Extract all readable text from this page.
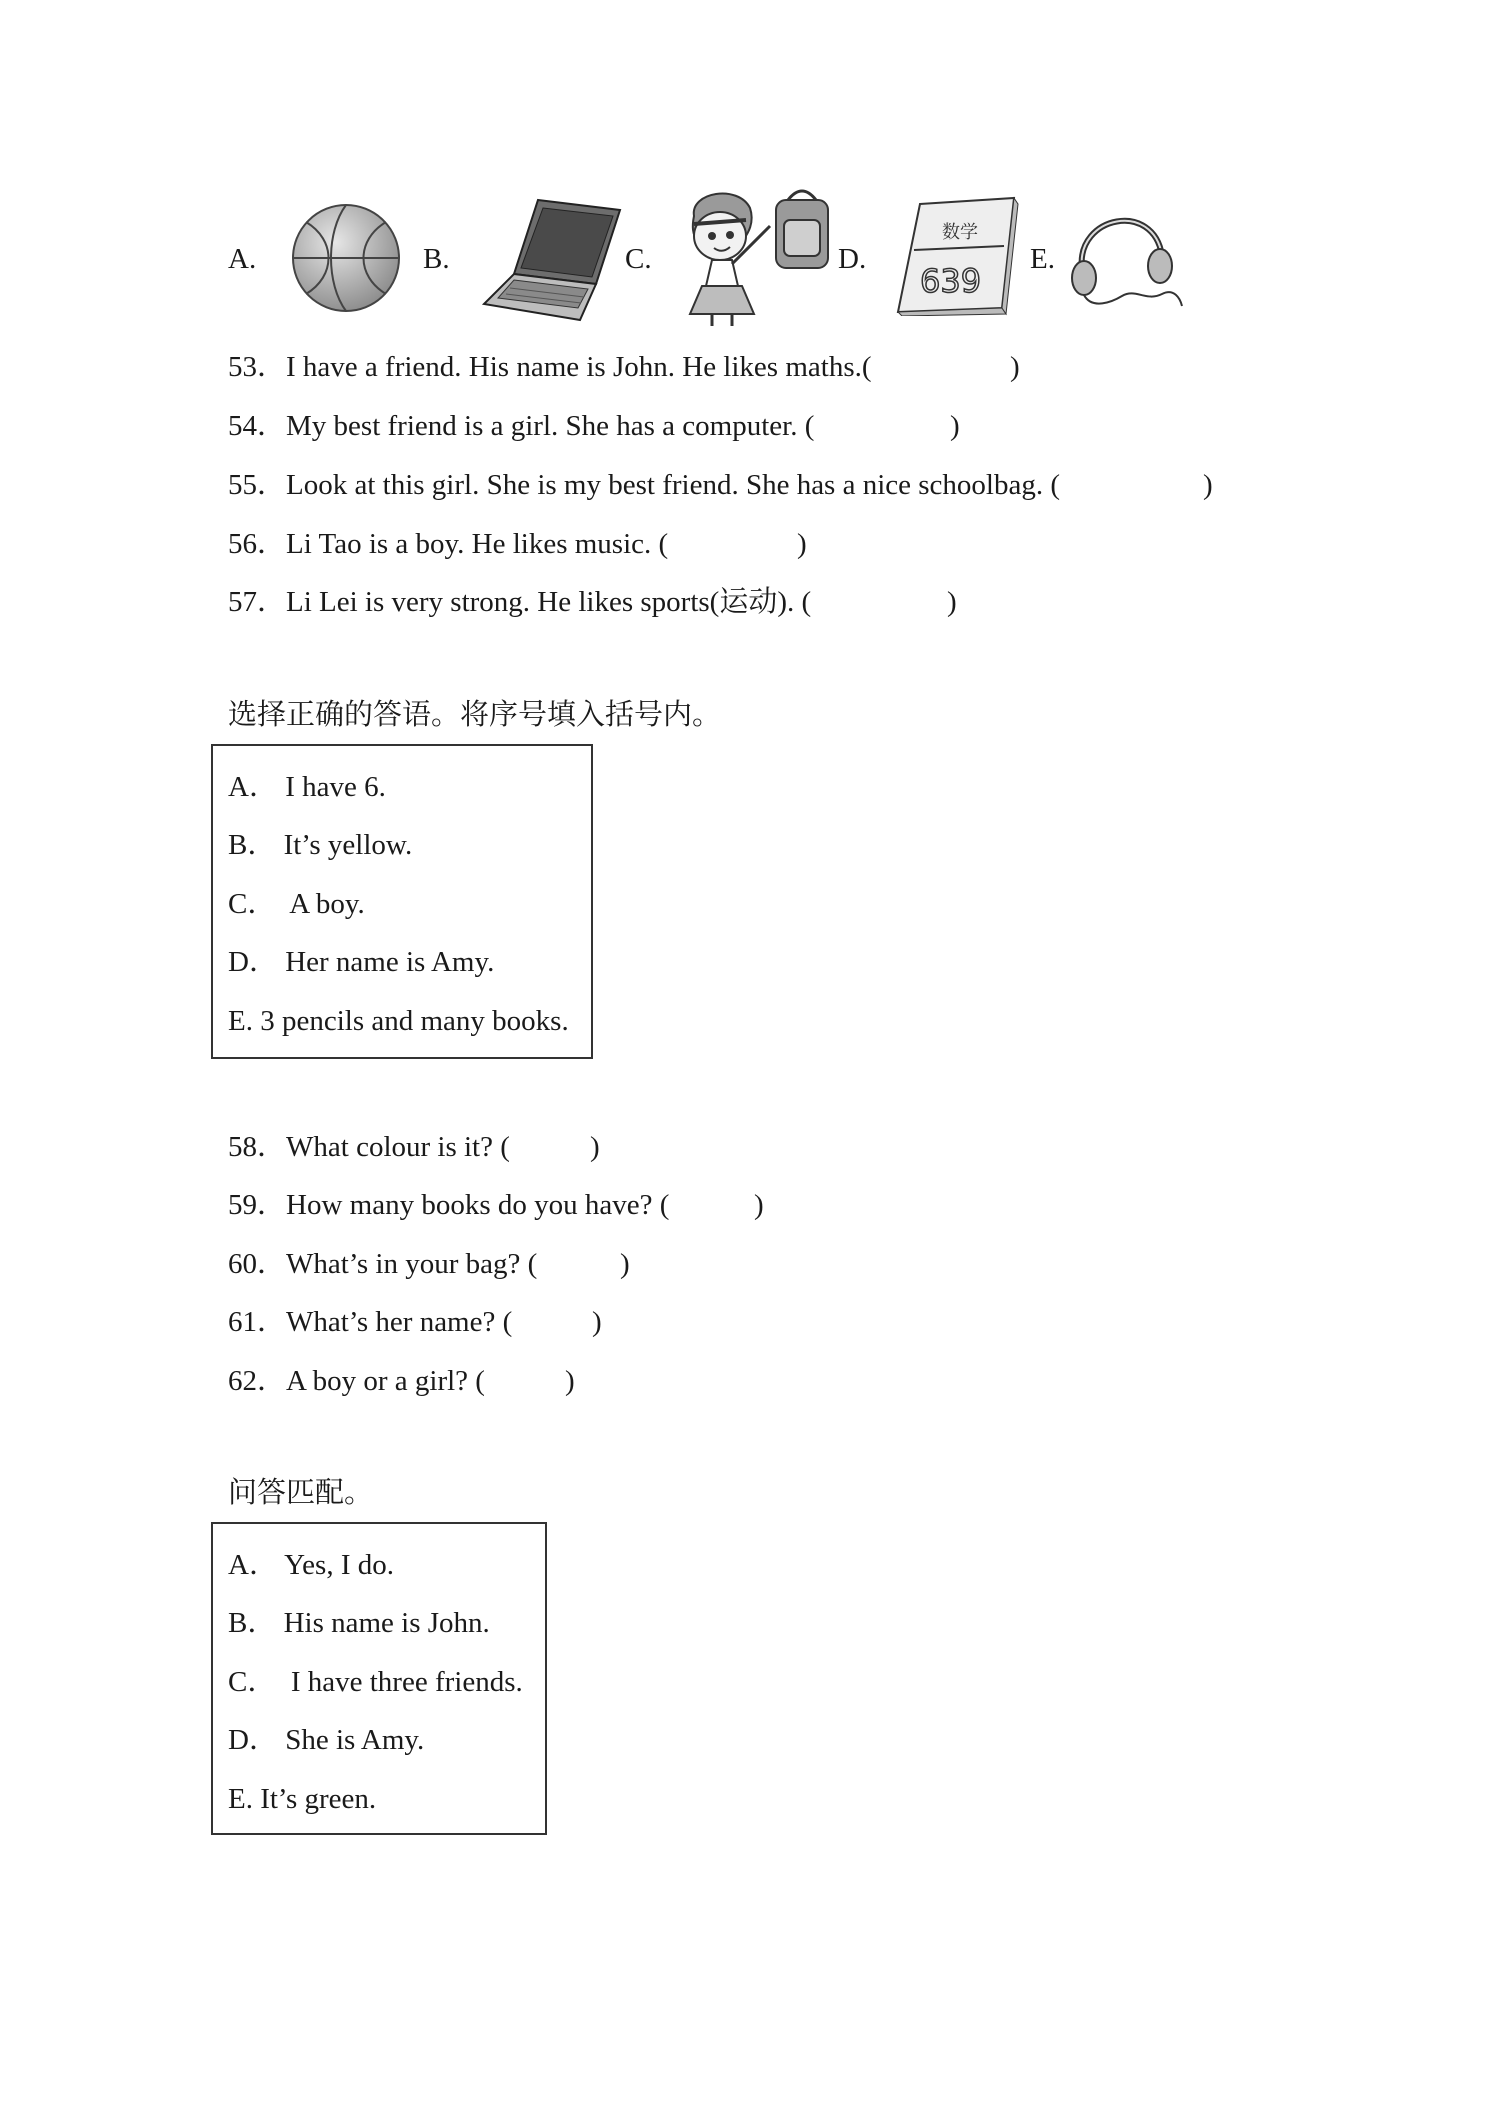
A.	B.	C.	D.
数学
639
E.
53．I have a friend. His name is John. He likes maths.(	)
54．My best friend is a girl. She has a computer. (	)
55．Look at this girl. She is my best friend. She has a nice schoolbag. (	)
56．Li Tao is a boy. He likes music. (	)
57．Li Lei is very strong. He likes sports(运动). (	)
选择正确的答语。将序号填入括号内。
A． I have 6.
B． It’s yellow.
C．  A boy.
D． Her name is Amy.
E. 3 pencils and many books.
58．What colour is it? (	)
59．How many books do you have? (	)
60．What’s in your bag? (	)
61．What’s her name? (	)
62．A boy or a girl? (	)
问答匹配。
A． Yes, I do.
B． His name is John.
C．  I have three friends.
D． She is Amy.
E. It’s green.
